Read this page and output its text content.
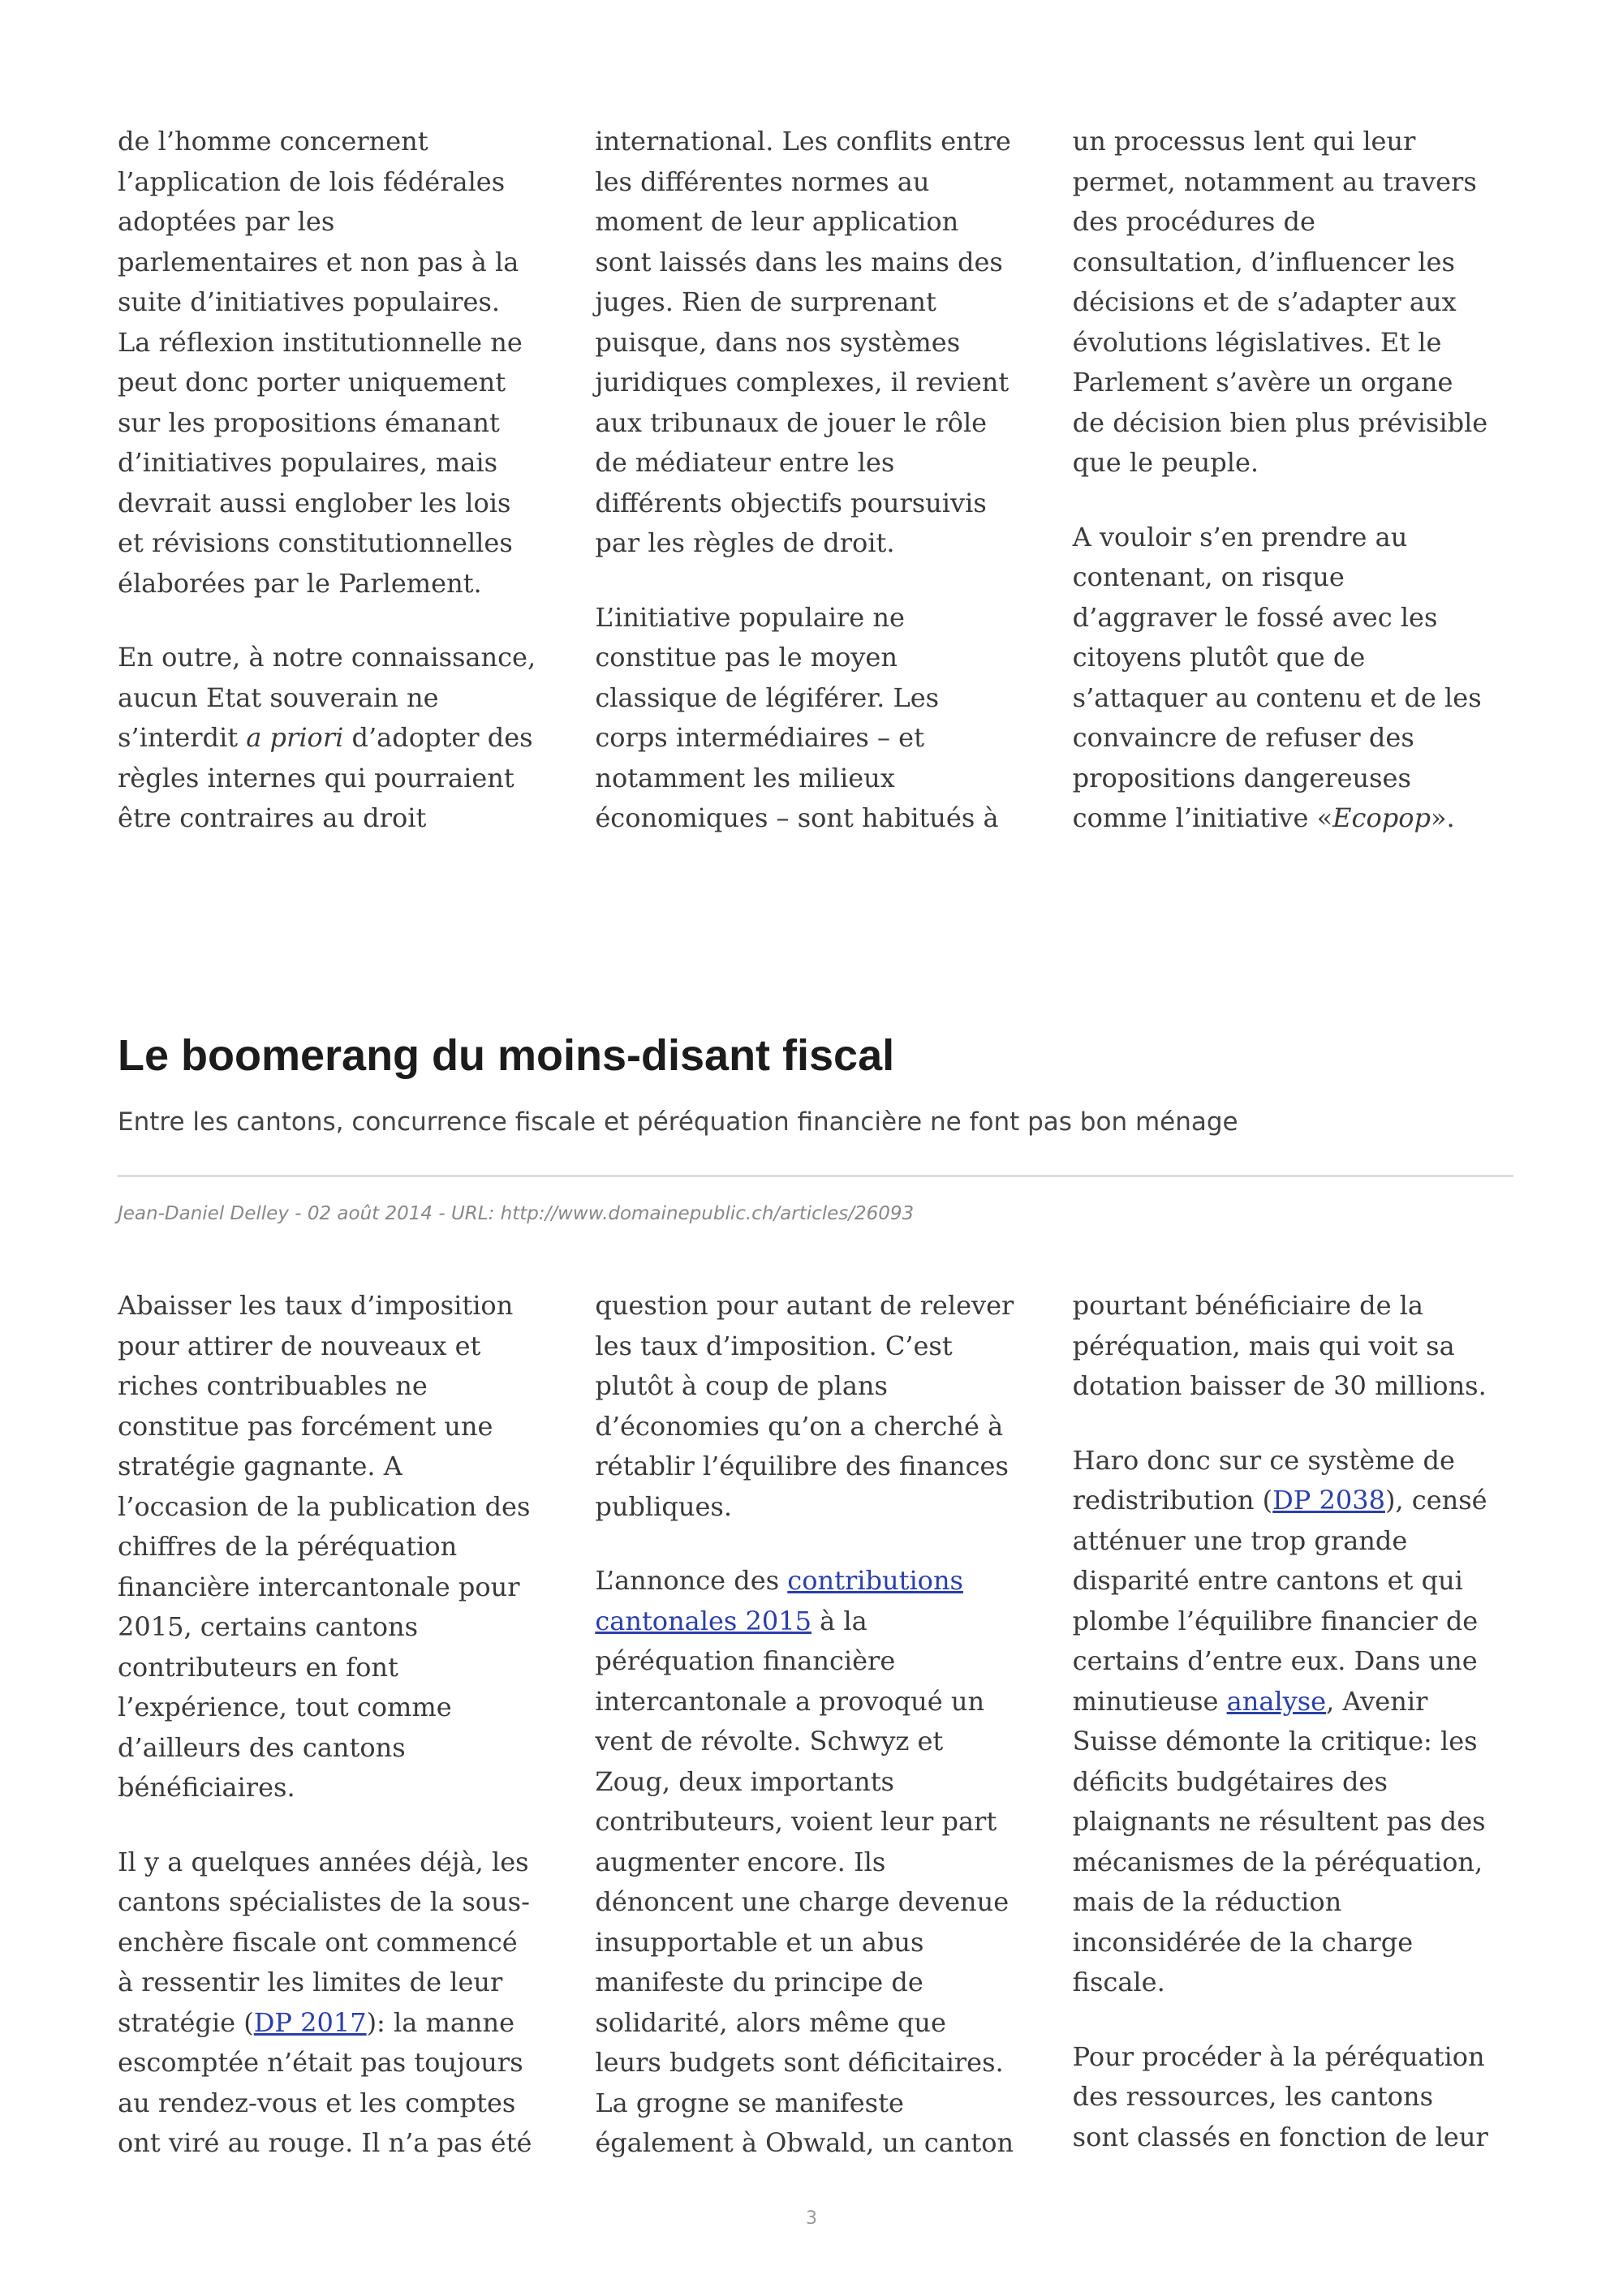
de l’homme concernent
l’application de lois fédérales
adoptées par les
parlementaires et non pas à la
suite d’initiatives populaires.
La réflexion institutionnelle ne
peut donc porter uniquement
sur les propositions émanant
d’initiatives populaires, mais
devrait aussi englober les lois
et révisions constitutionnelles
élaborées par le Parlement.

En outre, à notre connaissance,
aucun Etat souverain ne
s’interdit a priori d’adopter des
règles internes qui pourraient
être contraires au droit

international. Les conflits entre
les différentes normes au
moment de leur application
sont laissés dans les mains des
juges. Rien de surprenant
puisque, dans nos systèmes
juridiques complexes, il revient
aux tribunaux de jouer le rôle
de médiateur entre les
différents objectifs poursuivis
par les règles de droit.

L’initiative populaire ne
constitue pas le moyen
classique de légiférer. Les
corps intermédiaires – et
notamment les milieux
économiques – sont habitués à

un processus lent qui leur
permet, notamment au travers
des procédures de
consultation, d’influencer les
décisions et de s’adapter aux
évolutions législatives. Et le
Parlement s’avère un organe
de décision bien plus prévisible
que le peuple.

A vouloir s’en prendre au
contenant, on risque
d’aggraver le fossé avec les
citoyens plutôt que de
s’attaquer au contenu et de les
convaincre de refuser des
propositions dangereuses
comme l’initiative «Ecopop».

Le boomerang du moins-disant fiscal

Entre les cantons, concurrence fiscale et péréquation financière ne font pas bon ménage

Jean-Daniel Delley - 02 août 2014 - URL: http://www.domainepublic.ch/articles/26093

Abaisser les taux d’imposition
pour attirer de nouveaux et
riches contribuables ne
constitue pas forcément une
stratégie gagnante. A
l’occasion de la publication des
chiffres de la péréquation
financière intercantonale pour
2015, certains cantons
contributeurs en font
l’expérience, tout comme
d’ailleurs des cantons
bénéficiaires.

Il y a quelques années déjà, les
cantons spécialistes de la sous-
enchère fiscale ont commencé
à ressentir les limites de leur
stratégie (DP 2017): la manne
escomptée n’était pas toujours
au rendez-vous et les comptes
ont viré au rouge. Il n’a pas été

question pour autant de relever
les taux d’imposition. C’est
plutôt à coup de plans
d’économies qu’on a cherché à
rétablir l’équilibre des finances
publiques.

L’annonce des contributions
cantonales 2015 à la
péréquation financière
intercantonale a provoqué un
vent de révolte. Schwyz et
Zoug, deux importants
contributeurs, voient leur part
augmenter encore. Ils
dénoncent une charge devenue
insupportable et un abus
manifeste du principe de
solidarité, alors même que
leurs budgets sont déficitaires.
La grogne se manifeste
également à Obwald, un canton

pourtant bénéficiaire de la
péréquation, mais qui voit sa
dotation baisser de 30 millions.

Haro donc sur ce système de
redistribution (DP 2038), censé
atténuer une trop grande
disparité entre cantons et qui
plombe l’équilibre financier de
certains d’entre eux. Dans une
minutieuse analyse, Avenir
Suisse démonte la critique: les
déficits budgétaires des
plaignants ne résultent pas des
mécanismes de la péréquation,
mais de la réduction
inconsidérée de la charge
fiscale.

Pour procéder à la péréquation
des ressources, les cantons
sont classés en fonction de leur

3
